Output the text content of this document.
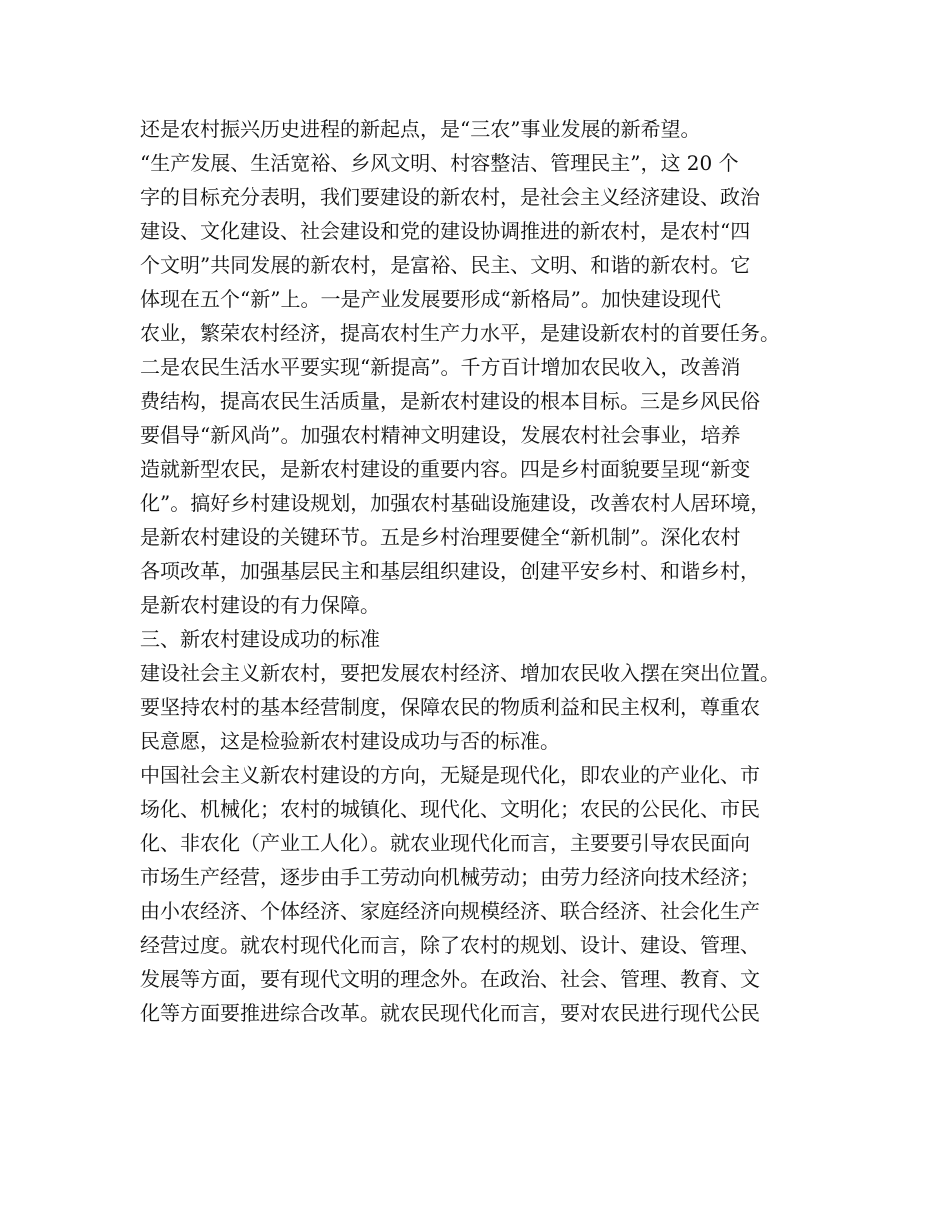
还是农村振兴历史进程的新起点，是“三农”事业发展的新希望。
“生产发展、生活宽裕、乡风文明、村容整洁、管理民主”，这 20 个
字的目标充分表明，我们要建设的新农村，是社会主义经济建设、政治
建设、文化建设、社会建设和党的建设协调推进的新农村，是农村“四
个文明”共同发展的新农村，是富裕、民主、文明、和谐的新农村。它
体现在五个“新”上。一是产业发展要形成“新格局”。加快建设现代
农业，繁荣农村经济，提高农村生产力水平，是建设新农村的首要任务。
二是农民生活水平要实现“新提高”。千方百计增加农民收入，改善消
费结构，提高农民生活质量，是新农村建设的根本目标。三是乡风民俗
要倡导“新风尚”。加强农村精神文明建设，发展农村社会事业，培养
造就新型农民，是新农村建设的重要内容。四是乡村面貌要呈现“新变
化”。搞好乡村建设规划，加强农村基础设施建设，改善农村人居环境，
是新农村建设的关键环节。五是乡村治理要健全“新机制”。深化农村
各项改革，加强基层民主和基层组织建设，创建平安乡村、和谐乡村，
是新农村建设的有力保障。
三、新农村建设成功的标准
建设社会主义新农村，要把发展农村经济、增加农民收入摆在突出位置。
要坚持农村的基本经营制度，保障农民的物质利益和民主权利，尊重农
民意愿，这是检验新农村建设成功与否的标准。
中国社会主义新农村建设的方向，无疑是现代化，即农业的产业化、市
场化、机械化；农村的城镇化、现代化、文明化；农民的公民化、市民
化、非农化（产业工人化）。就农业现代化而言，主要要引导农民面向
市场生产经营，逐步由手工劳动向机械劳动；由劳力经济向技术经济；
由小农经济、个体经济、家庭经济向规模经济、联合经济、社会化生产
经营过度。就农村现代化而言，除了农村的规划、设计、建设、管理、
发展等方面，要有现代文明的理念外。在政治、社会、管理、教育、文
化等方面要推进综合改革。就农民现代化而言，要对农民进行现代公民
